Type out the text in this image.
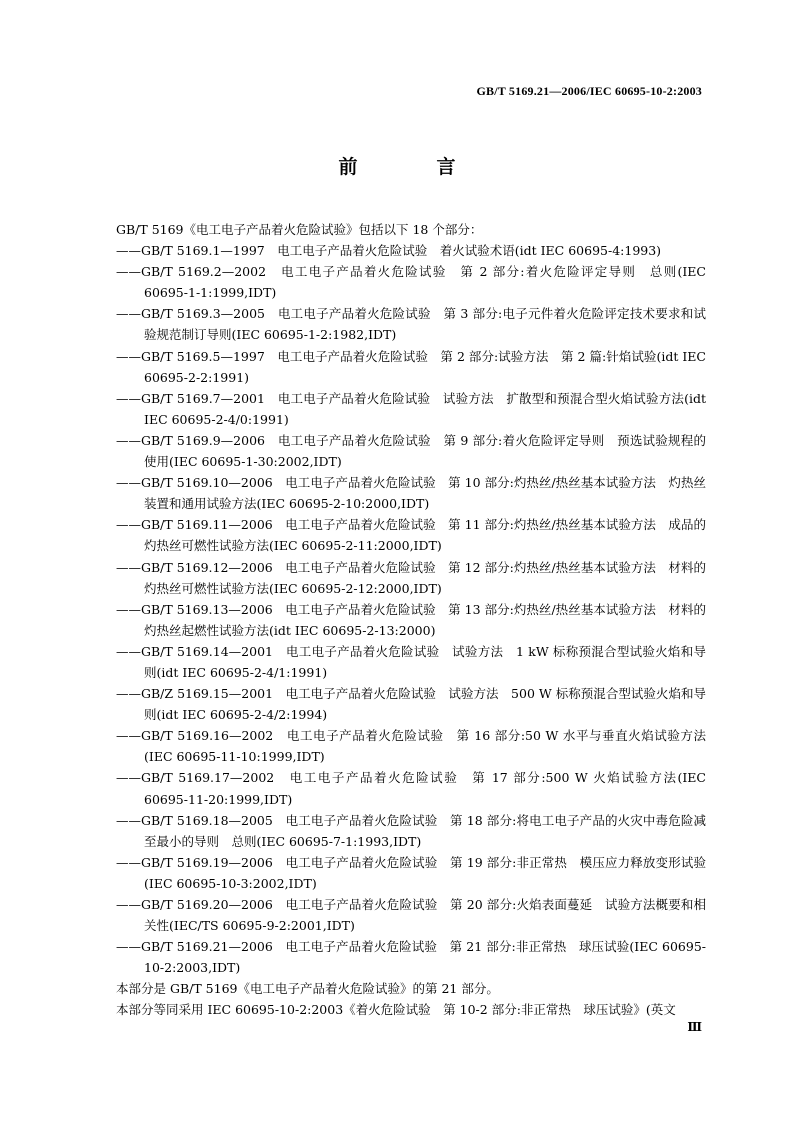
GB/T 5169.21—2006/IEC 60695-10-2:2003
前　言
GB/T 5169《电工电子产品着火危险试验》包括以下 18 个部分：
——GB/T 5169.1—1997　电工电子产品着火危险试验　着火试验术语(idt IEC 60695-4:1993)
——GB/T 5169.2—2002　电工电子产品着火危险试验　第 2 部分:着火危险评定导则　总则(IEC 60695-1-1:1999,IDT)
——GB/T 5169.3—2005　电工电子产品着火危险试验　第 3 部分:电子元件着火危险评定技术要求和试验规范制订导则(IEC 60695-1-2:1982,IDT)
——GB/T 5169.5—1997　电工电子产品着火危险试验　第 2 部分:试验方法　第 2 篇:针焰试验(idt IEC 60695-2-2:1991)
——GB/T 5169.7—2001　电工电子产品着火危险试验　试验方法　扩散型和预混合型火焰试验方法(idt IEC 60695-2-4/0:1991)
——GB/T 5169.9—2006　电工电子产品着火危险试验　第 9 部分:着火危险评定导则　预选试验规程的使用(IEC 60695-1-30:2002,IDT)
——GB/T 5169.10—2006　电工电子产品着火危险试验　第 10 部分:灼热丝/热丝基本试验方法　灼热丝装置和通用试验方法(IEC 60695-2-10:2000,IDT)
——GB/T 5169.11—2006　电工电子产品着火危险试验　第 11 部分:灼热丝/热丝基本试验方法　成品的灼热丝可燃性试验方法(IEC 60695-2-11:2000,IDT)
——GB/T 5169.12—2006　电工电子产品着火危险试验　第 12 部分:灼热丝/热丝基本试验方法　材料的灼热丝可燃性试验方法(IEC 60695-2-12:2000,IDT)
——GB/T 5169.13—2006　电工电子产品着火危险试验　第 13 部分:灼热丝/热丝基本试验方法　材料的灼热丝起燃性试验方法(idt IEC 60695-2-13:2000)
——GB/T 5169.14—2001　电工电子产品着火危险试验　试验方法　1 kW 标称预混合型试验火焰和导则(idt IEC 60695-2-4/1:1991)
——GB/Z 5169.15—2001　电工电子产品着火危险试验　试验方法　500 W 标称预混合型试验火焰和导则(idt IEC 60695-2-4/2:1994)
——GB/T 5169.16—2002　电工电子产品着火危险试验　第 16 部分:50 W 水平与垂直火焰试验方法(IEC 60695-11-10:1999,IDT)
——GB/T 5169.17—2002　电工电子产品着火危险试验　第 17 部分:500 W 火焰试验方法(IEC 60695-11-20:1999,IDT)
——GB/T 5169.18—2005　电工电子产品着火危险试验　第 18 部分:将电工电子产品的火灾中毒危险减至最小的导则　总则(IEC 60695-7-1:1993,IDT)
——GB/T 5169.19—2006　电工电子产品着火危险试验　第 19 部分:非正常热　模压应力释放变形试验(IEC 60695-10-3:2002,IDT)
——GB/T 5169.20—2006　电工电子产品着火危险试验　第 20 部分:火焰表面蔓延　试验方法概要和相关性(IEC/TS 60695-9-2:2001,IDT)
——GB/T 5169.21—2006　电工电子产品着火危险试验　第 21 部分:非正常热　球压试验(IEC 60695-10-2:2003,IDT)
本部分是 GB/T 5169《电工电子产品着火危险试验》的第 21 部分。
本部分等同采用 IEC 60695-10-2:2003《着火危险试验　第 10-2 部分:非正常热　球压试验》(英文
Ⅲ
